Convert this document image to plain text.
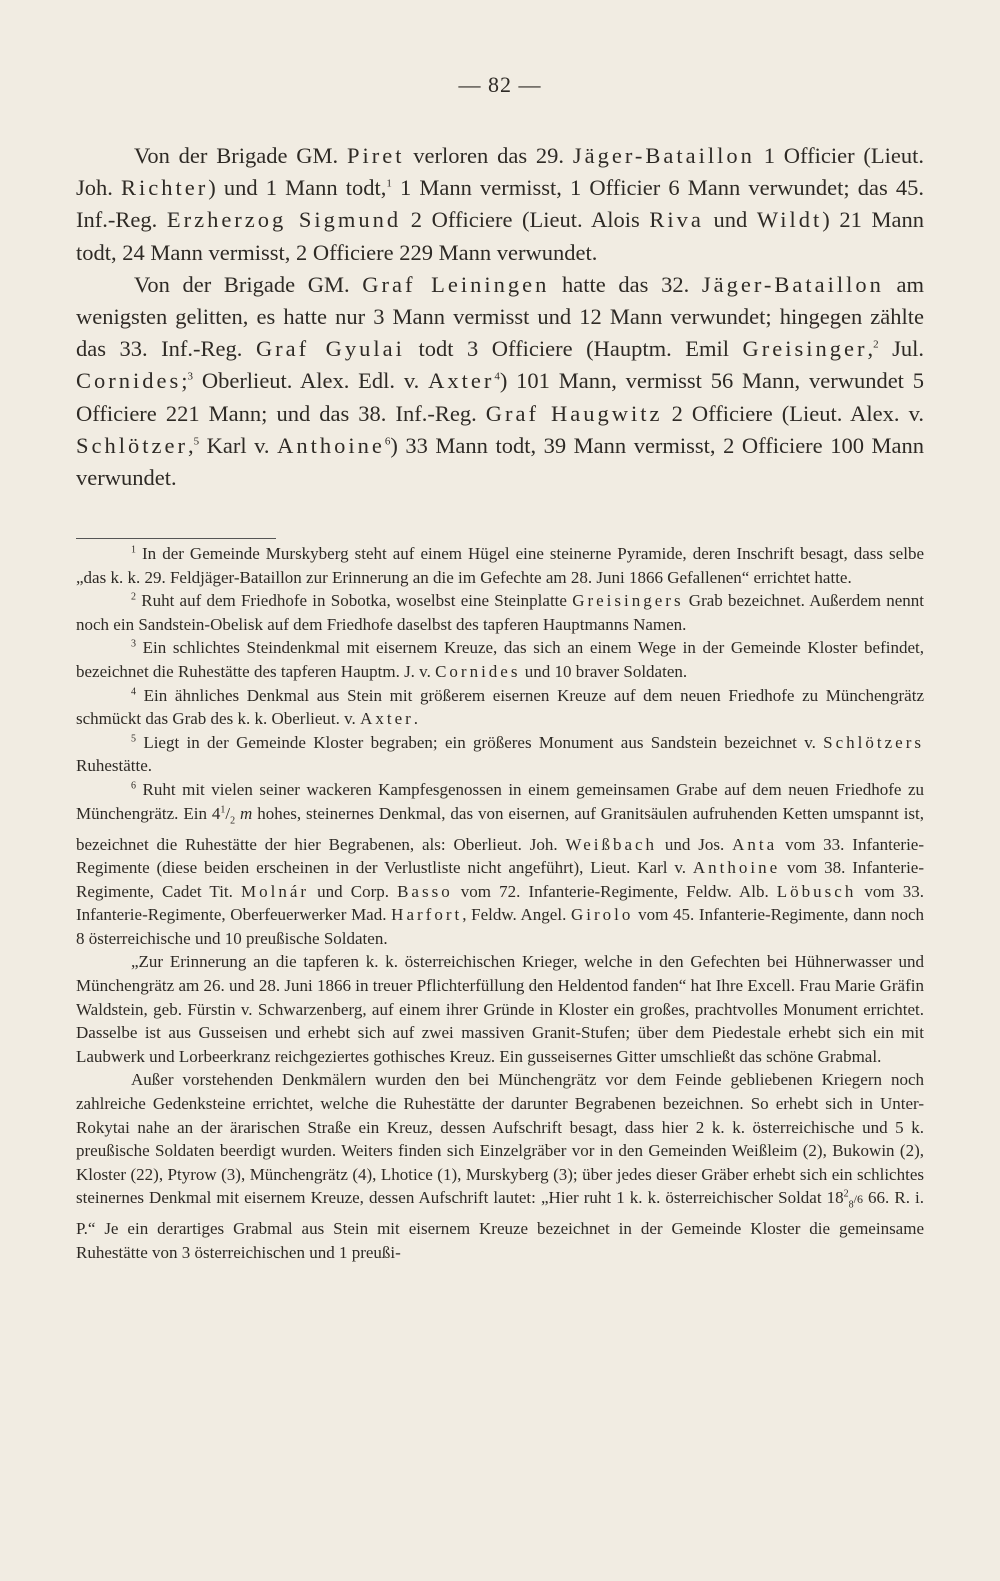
— 82 —

Von der Brigade GM. Piret verloren das 29. Jäger-Bataillon 1 Officier (Lieut. Joh. Richter) und 1 Mann todt,$^1$ 1 Mann vermisst, 1 Officier 6 Mann verwundet; das 45. Inf.-Reg. Erzherzog Sigmund 2 Officiere (Lieut. Alois Riva und Wildt) 21 Mann todt, 24 Mann vermisst, 2 Officiere 229 Mann verwundet.

Von der Brigade GM. Graf Leiningen hatte das 32. Jäger-Bataillon am wenigsten gelitten, es hatte nur 3 Mann vermisst und 12 Mann verwundet; hingegen zählte das 33. Inf.-Reg. Graf Gyulai todt 3 Officiere (Hauptm. Emil Greisinger,$^2$ Jul. Cornides;$^3$ Oberlieut. Alex. Edl. v. Axter$^4$) 101 Mann, vermisst 56 Mann, verwundet 5 Officiere 221 Mann; und das 38. Inf.-Reg. Graf Haugwitz 2 Officiere (Lieut. Alex. v. Schlötzer,$^5$ Karl v. Anthoine$^6$) 33 Mann todt, 39 Mann vermisst, 2 Officiere 100 Mann verwundet.

$^1$ In der Gemeinde Murskyberg steht auf einem Hügel eine steinerne Pyramide, deren Inschrift besagt, dass selbe „das k. k. 29. Feldjäger-Bataillon zur Erinnerung an die im Gefechte am 28. Juni 1866 Gefallenen“ errichtet hatte.

$^2$ Ruht auf dem Friedhofe in Sobotka, woselbst eine Steinplatte Greisingers Grab bezeichnet. Außerdem nennt noch ein Sandstein-Obelisk auf dem Friedhofe daselbst des tapferen Hauptmanns Namen.

$^3$ Ein schlichtes Steindenkmal mit eisernem Kreuze, das sich an einem Wege in der Gemeinde Kloster befindet, bezeichnet die Ruhestätte des tapferen Hauptm. J. v. Cornides und 10 braver Soldaten.

$^4$ Ein ähnliches Denkmal aus Stein mit größerem eisernen Kreuze auf dem neuen Friedhofe zu Münchengrätz schmückt das Grab des k. k. Oberlieut. v. Axter.

$^5$ Liegt in der Gemeinde Kloster begraben; ein größeres Monument aus Sandstein bezeichnet v. Schlötzers Ruhestätte.

$^6$ Ruht mit vielen seiner wackeren Kampfesgenossen in einem gemeinsamen Grabe auf dem neuen Friedhofe zu Münchengrätz. Ein $4^1/_2$ m hohes, steinernes Denkmal, das von eisernen, auf Granitsäulen aufruhenden Ketten umspannt ist, bezeichnet die Ruhestätte der hier Begrabenen, als: Oberlieut. Joh. Weißbach und Jos. Anta vom 33. Infanterie-Regimente (diese beiden erscheinen in der Verlustliste nicht angeführt), Lieut. Karl v. Anthoine vom 38. Infanterie-Regimente, Cadet Tit. Molnár und Corp. Basso vom 72. Infanterie-Regimente, Feldw. Alb. Löbusch vom 33. Infanterie-Regimente, Oberfeuerwerker Mad. Harfort, Feldw. Angel. Girolo vom 45. Infanterie-Regimente, dann noch 8 österreichische und 10 preußische Soldaten.

„Zur Erinnerung an die tapferen k. k. österreichischen Krieger, welche in den Gefechten bei Hühnerwasser und Münchengrätz am 26. und 28. Juni 1866 in treuer Pflichterfüllung den Heldentod fanden“ hat Ihre Excell. Frau Marie Gräfin Waldstein, geb. Fürstin v. Schwarzenberg, auf einem ihrer Gründe in Kloster ein großes, prachtvolles Monument errichtet. Dasselbe ist aus Gusseisen und erhebt sich auf zwei massiven Granit-Stufen; über dem Piedestale erhebt sich ein mit Laubwerk und Lorbeerkranz reichgeziertes gothisches Kreuz. Ein gusseisernes Gitter umschließt das schöne Grabmal.

Außer vorstehenden Denkmälern wurden den bei Münchengrätz vor dem Feinde gebliebenen Kriegern noch zahlreiche Gedenksteine errichtet, welche die Ruhestätte der darunter Begrabenen bezeichnen. So erhebt sich in Unter-Rokytai nahe an der ärarischen Straße ein Kreuz, dessen Aufschrift besagt, dass hier 2 k. k. österreichische und 5 k. preußische Soldaten beerdigt wurden. Weiters finden sich Einzelgräber vor in den Gemeinden Weißleim (2), Bukowin (2), Kloster (22), Ptyrow (3), Münchengrätz (4), Lhotice (1), Murskyberg (3); über jedes dieser Gräber erhebt sich ein schlichtes steinernes Denkmal mit eisernem Kreuze, dessen Aufschrift lautet: „Hier ruht 1 k. k. österreichischer Soldat $18^2_8/6$ 66. R. i. P.“ Je ein derartiges Grabmal aus Stein mit eisernem Kreuze bezeichnet in der Gemeinde Kloster die gemeinsame Ruhestätte von 3 österreichischen und 1 preußi-
